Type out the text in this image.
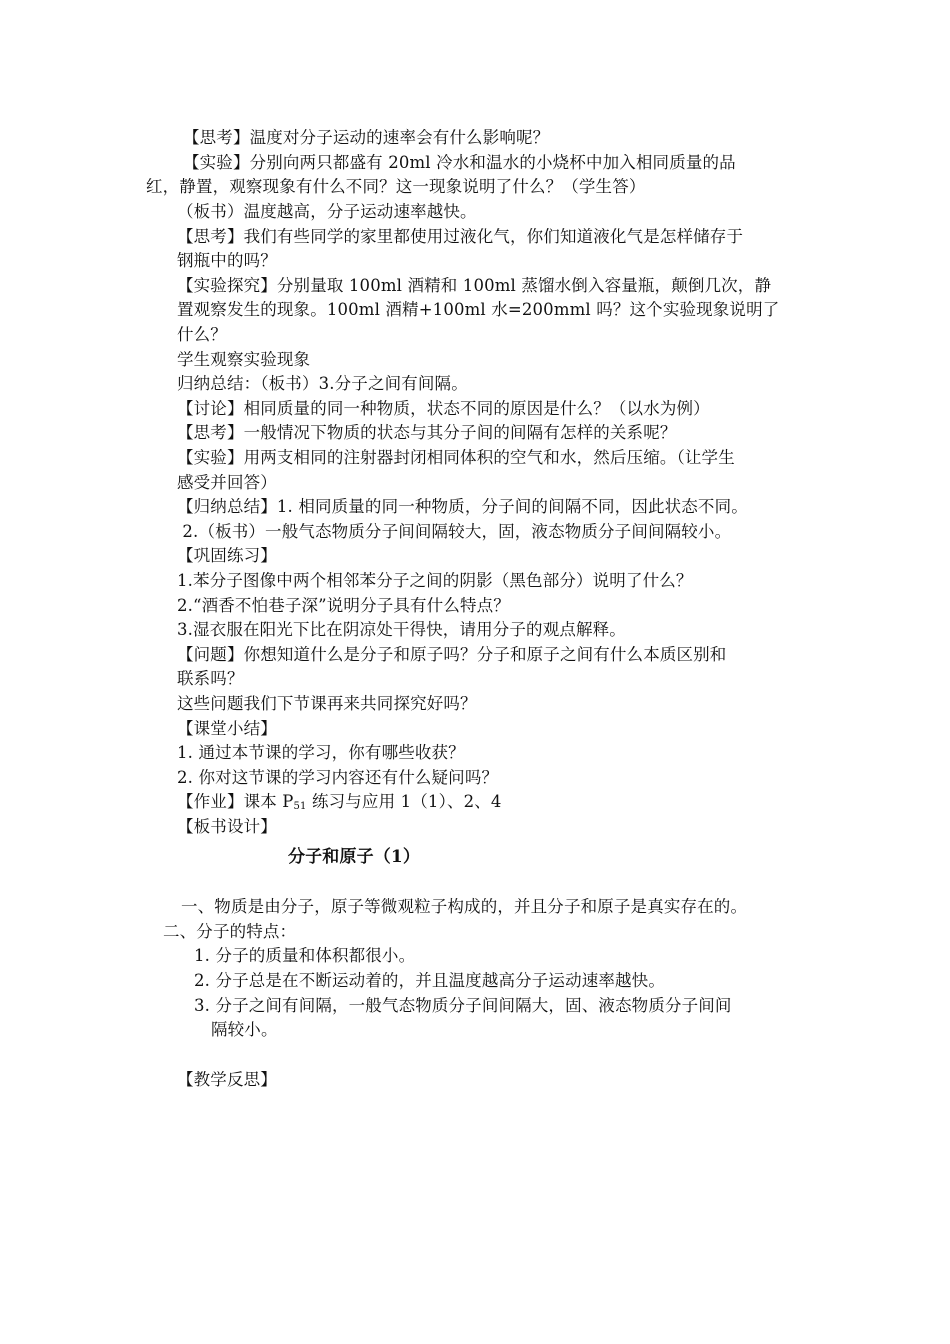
【思考】温度对分子运动的速率会有什么影响呢？

【实验】分别向两只都盛有 20ml 冷水和温水的小烧杯中加入相同质量的品

红，静置，观察现象有什么不同？这一现象说明了什么？（学生答）

（板书）温度越高，分子运动速率越快。

【思考】我们有些同学的家里都使用过液化气，你们知道液化气是怎样储存于

钢瓶中的吗？

【实验探究】分别量取 100ml 酒精和 100ml 蒸馏水倒入容量瓶，颠倒几次，静

置观察发生的现象。100ml 酒精+100ml 水=200mml 吗？这个实验现象说明了

什么？

学生观察实验现象

归纳总结：（板书）3.分子之间有间隔。

【讨论】相同质量的同一种物质，状态不同的原因是什么？（以水为例）

【思考】一般情况下物质的状态与其分子间的间隔有怎样的关系呢？

【实验】用两支相同的注射器封闭相同体积的空气和水，然后压缩。（让学生

感受并回答）

【归纳总结】1. 相同质量的同一种物质，分子间的间隔不同，因此状态不同。

2.（板书）一般气态物质分子间间隔较大，固，液态物质分子间间隔较小。

【巩固练习】

1.苯分子图像中两个相邻苯分子之间的阴影（黑色部分）说明了什么？

2.“酒香不怕巷子深”说明分子具有什么特点？

3.湿衣服在阳光下比在阴凉处干得快，请用分子的观点解释。

【问题】你想知道什么是分子和原子吗？分子和原子之间有什么本质区别和

联系吗？

这些问题我们下节课再来共同探究好吗？

【课堂小结】

1. 通过本节课的学习，你有哪些收获？

2. 你对这节课的学习内容还有什么疑问吗？

【作业】课本 $P_{51}$ 练习与应用 1（1）、2、4

【板书设计】

分子和原子（1）

一、物质是由分子，原子等微观粒子构成的，并且分子和原子是真实存在的。

二、分子的特点：

1. 分子的质量和体积都很小。

2. 分子总是在不断运动着的，并且温度越高分子运动速率越快。

3. 分子之间有间隔，一般气态物质分子间间隔大，固、液态物质分子间间

隔较小。

【教学反思】
